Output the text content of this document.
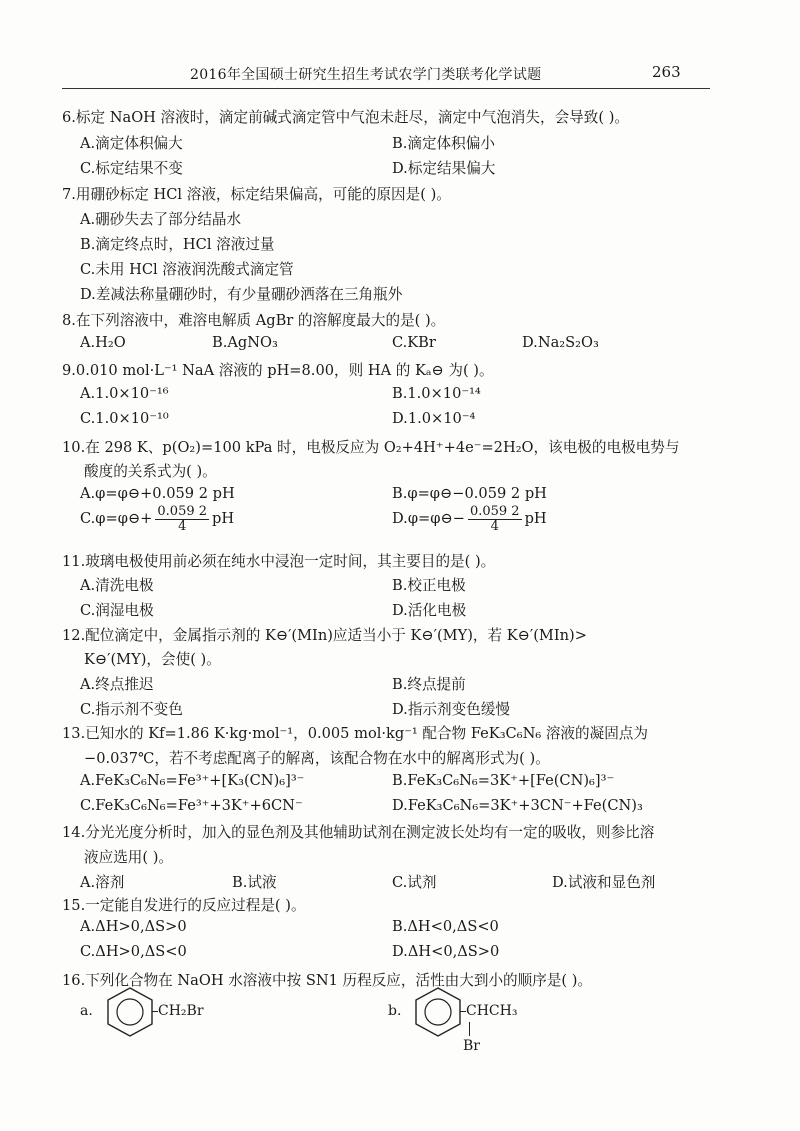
2016年全国硕士研究生招生考试农学门类联考化学试题	263
6.标定 NaOH 溶液时，滴定前碱式滴定管中气泡未赶尽，滴定中气泡消失，会导致( )。
A.滴定体积偏大	B.滴定体积偏小
C.标定结果不变	D.标定结果偏大
7.用硼砂标定 HCl 溶液，标定结果偏高，可能的原因是( )。
A.硼砂失去了部分结晶水
B.滴定终点时，HCl 溶液过量
C.未用 HCl 溶液润洗酸式滴定管
D.差减法称量硼砂时，有少量硼砂洒落在三角瓶外
8.在下列溶液中，难溶电解质 AgBr 的溶解度最大的是( )。
A.H₂O	B.AgNO₃	C.KBr	D.Na₂S₂O₃
9.0.010 mol·L⁻¹ NaA 溶液的 pH=8.00，则 HA 的 Kₐ⊖ 为( )。
A.1.0×10⁻¹⁶	B.1.0×10⁻¹⁴
C.1.0×10⁻¹⁰	D.1.0×10⁻⁴
10.在 298 K、p(O₂)=100 kPa 时，电极反应为 O₂+4H⁺+4e⁻=2H₂O，该电极的电极电势与
酸度的关系式为( )。
A.φ=φ⊖+0.059 2 pH	B.φ=φ⊖−0.059 2 pH
C.φ=φ⊖+ $\frac{0.059 2}{4}$ pH	D.φ=φ⊖− $\frac{0.059 2}{4}$ pH
11.玻璃电极使用前必须在纯水中浸泡一定时间，其主要目的是( )。
A.清洗电极	B.校正电极
C.润湿电极	D.活化电极
12.配位滴定中，金属指示剂的 K⊖′(MIn)应适当小于 K⊖′(MY)，若 K⊖′(MIn)>
K⊖′(MY)，会使( )。
A.终点推迟	B.终点提前
C.指示剂不变色	D.指示剂变色缓慢
13.已知水的 Kf=1.86 K·kg·mol⁻¹，0.005 mol·kg⁻¹ 配合物 FeK₃C₆N₆ 溶液的凝固点为
−0.037℃，若不考虑配离子的解离，该配合物在水中的解离形式为( )。
A.FeK₃C₆N₆=Fe³⁺+[K₃(CN)₆]³⁻	B.FeK₃C₆N₆=3K⁺+[Fe(CN)₆]³⁻
C.FeK₃C₆N₆=Fe³⁺+3K⁺+6CN⁻	D.FeK₃C₆N₆=3K⁺+3CN⁻+Fe(CN)₃
14.分光光度分析时，加入的显色剂及其他辅助试剂在测定波长处均有一定的吸收，则参比溶
液应选用( )。
A.溶剂	B.试液	C.试剂	D.试液和显色剂
15.一定能自发进行的反应过程是( )。
A.ΔH>0,ΔS>0	B.ΔH<0,ΔS<0
C.ΔH>0,ΔS<0	D.ΔH<0,ΔS>0
16.下列化合物在 NaOH 水溶液中按 SN1 历程反应，活性由大到小的顺序是( )。
a.	CH₂Br	b.	CHCH₃
Br
